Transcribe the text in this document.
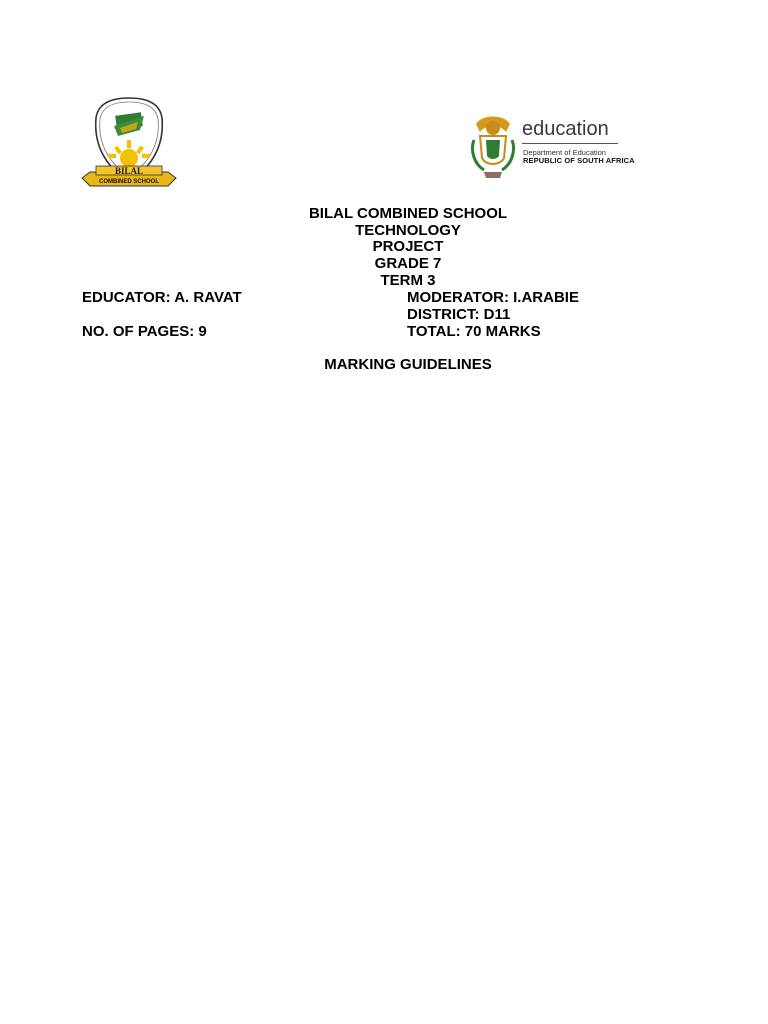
BILAL
COMBINED SCHOOL
education
Department of Education
REPUBLIC OF SOUTH AFRICA
BILAL COMBINED SCHOOL
TECHNOLOGY
PROJECT
GRADE 7
TERM 3
EDUCATOR: A. RAVAT	MODERATOR: I.ARABIE
DISTRICT: D11
NO. OF PAGES: 9	TOTAL: 70 MARKS
MARKING GUIDELINES
